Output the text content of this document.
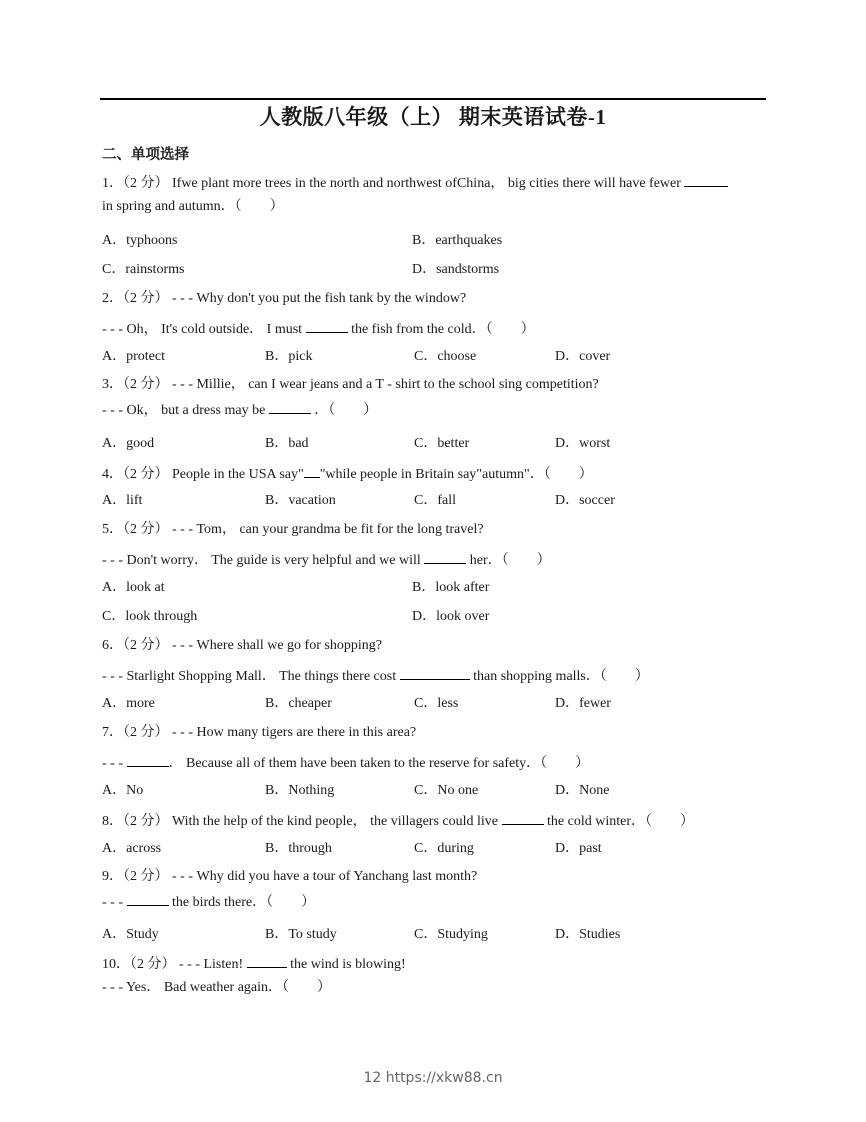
人教版八年级（上） 期末英语试卷-1
二、单项选择
1．（2 分） Ifwe plant more trees in the north and northwest ofChina， big cities there will have fewer
in spring and autumn．（　　）
A．typhoons	B．earthquakes
C．rainstorms	D．sandstorms
2．（2 分） - - - Why don't you put the fish tank by the window?
- - - Oh， It's cold outside． I must	the fish from the cold．（　　）
A．protect	B．pick	C．choose	D．cover
3．（2 分） - - - Millie， can I wear jeans and a T - shirt to the school sing competition?
- - - Ok， but a dress may be	．（　　）
A．good	B．bad	C．better	D．worst
4．（2 分） People in the USA say" "while people in Britain say"autumn"．（　　）
A．lift	B．vacation	C．fall	D．soccer
5．（2 分） - - - Tom， can your grandma be fit for the long travel?
- - - Don't worry． The guide is very helpful and we will	her．（　　）
A．look at	B．look after
C．look through	D．look over
6．（2 分） - - - Where shall we go for shopping?
- - - Starlight Shopping Mall． The things there cost	than shopping malls．（　　）
A．more	B．cheaper	C．less	D．fewer
7．（2 分） - - - How many tigers are there in this area?
- - -	． Because all of them have been taken to the reserve for safety．（　　）
A．No	B．Nothing	C．No one	D．None
8．（2 分） With the help of the kind people， the villagers could live	the cold winter．（　　）
A．across	B．through	C．during	D．past
9．（2 分） - - - Why did you have a tour of Yanchang last month?
- - -	the birds there．（　　）
A．Study	B．To study	C．Studying	D．Studies
10．（2 分） - - - Listen!	the wind is blowing!
- - - Yes． Bad weather again．（　　）
12 https://xkw88.cn
